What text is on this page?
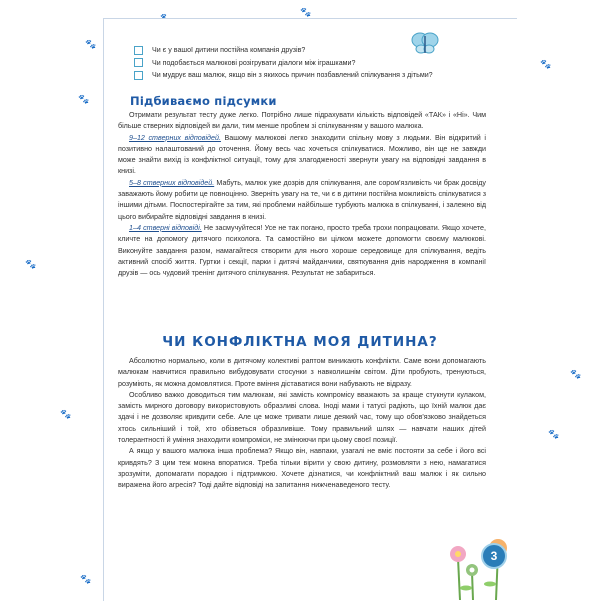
🐾
🐾
🐾
🐾
🐾
🐾
🐾
🐾
🐾
Чи є у вашої дитини постійна компанія друзів?
Чи подобається малюкові розігрувати діалоги між іграшками?
Чи мудрує ваш малюк, якщо він з якихось причин позбавлений спілкування з дітьми?
Підбиваємо підсумки

Отримати результат тесту дуже легко. Потрібно лише підрахувати кількість відповідей «ТАК» і «Ні». Чим більше стверних відповідей ви дали, тим менше проблем зі спілкуванням у вашого малюка.

9–12 стверних відповідей. Вашому малюкові легко знаходити спільну мову з людьми. Він відкритий і позитивно налаштований до оточення. Йому весь час хочеться спілкуватися. Можливо, він ще не завжди може знайти вихід із конфліктної ситуації, тому для злагодженості звернути увагу на відповідні завдання в книзі.

5–8 стверних відповідей. Мабуть, малюк уже дозрів для спілкування, але сором'язливість чи брак досвіду заважають йому робити це повноцінно. Зверніть увагу на те, чи є в дитини постійна можливість спілкуватися з іншими дітьми. Поспостерігайте за тим, які проблеми найбільше турбують малюка в спілкуванні, і залежно від цього вибирайте відповідні завдання в книзі.

1–4 стверні відповіді. Не засмучуйтеся! Усе не так погано, просто треба трохи попрацювати. Якщо хочете, кличте на допомогу дитячого психолога. Та самостійно ви цілком можете допомогти своєму малюкові. Виконуйте завдання разом, намагайтеся створити для нього хороше середовище для спілкування, ведіть активний спосіб життя. Гуртки і секції, парки і дитячі майданчики, святкування днів народження в компанії друзів — ось чудовий тренінг дитячого спілкування. Результат не забариться.

ЧИ КОНФЛІКТНА МОЯ ДИТИНА?

Абсолютно нормально, коли в дитячому колективі раптом виникають конфлікти. Саме вони допомагають малюкам навчитися правильно вибудовувати стосунки з навколишнім світом. Діти пробують, тренуються, розуміють, як можна домовлятися. Проте вміння діставатися вони набувають не відразу.

Особливо важко доводиться тим малюкам, які замість компромісу вважають за краще стукнути кулаком, замість мирного договору використовують образливі слова. Іноді мами і татусі радіють, що їхній малюк дає здачі і не дозволяє кривдити себе. Але це може тривати лише деякий час, тому що обов'язково знайдеться хтось сильніший і той, хто обізветься образливіше. Тому правильний шлях — навчати наших дітей толерантності й уміння знаходити компроміси, не змінюючи при цьому своєї позиції.

А якщо у вашого малюка інша проблема? Якщо він, навпаки, узагалі не вміє постояти за себе і його всі кривдять? З цим теж можна впоратися. Треба тільки вірити у свою дитину, розмовляти з нею, намагатися зрозуміти, допомагати порадою і підтримкою. Хочете дізнатися, чи конфліктний ваш малюк і як сильно виражена його агресія? Тоді дайте відповіді на запитання нижченаведеного тесту.

3
